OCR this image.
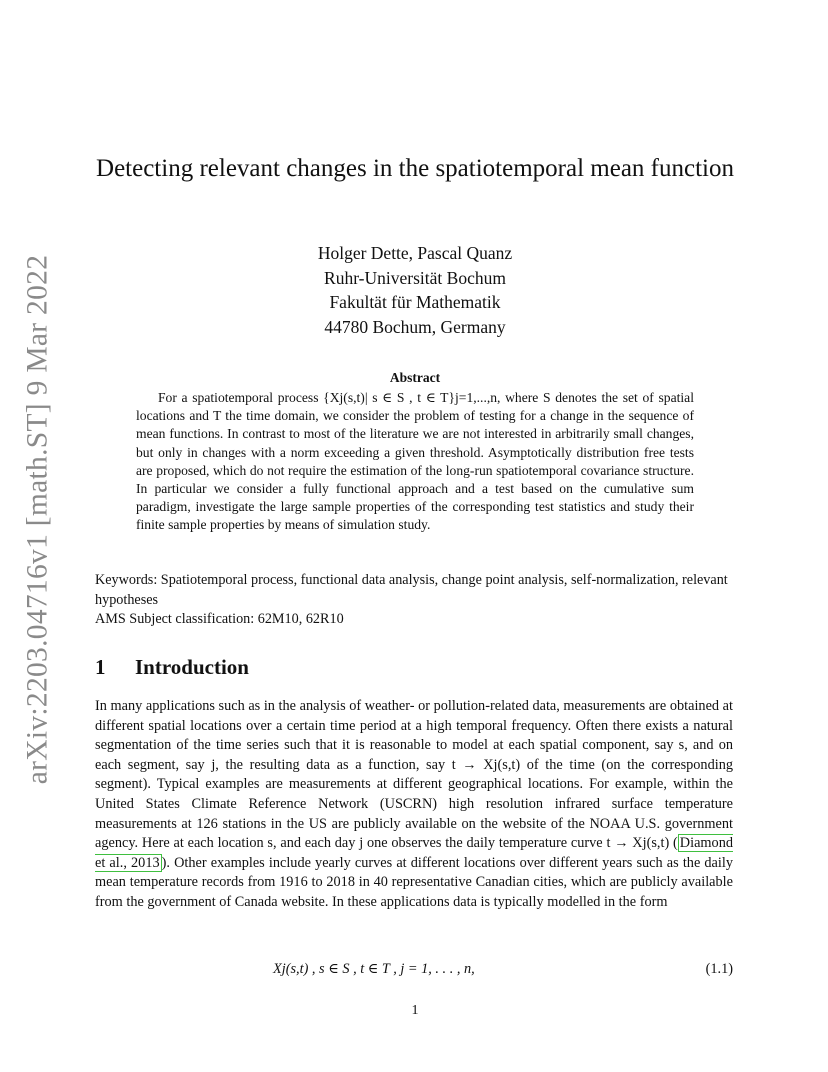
arXiv:2203.04716v1 [math.ST] 9 Mar 2022
Detecting relevant changes in the spatiotemporal mean function
Holger Dette, Pascal Quanz
Ruhr-Universität Bochum
Fakultät für Mathematik
44780 Bochum, Germany
Abstract

For a spatiotemporal process {Xj(s,t)| s ∈ S , t ∈ T}j=1,...,n, where S denotes the set of spatial locations and T the time domain, we consider the problem of testing for a change in the sequence of mean functions. In contrast to most of the literature we are not interested in arbitrarily small changes, but only in changes with a norm exceeding a given threshold. Asymptotically distribution free tests are proposed, which do not require the estimation of the long-run spatiotemporal covariance structure. In particular we consider a fully functional approach and a test based on the cumulative sum paradigm, investigate the large sample properties of the corresponding test statistics and study their finite sample properties by means of simulation study.

Keywords: Spatiotemporal process, functional data analysis, change point analysis, self-normalization, relevant hypotheses
AMS Subject classification: 62M10, 62R10
1 Introduction

In many applications such as in the analysis of weather- or pollution-related data, measurements are obtained at different spatial locations over a certain time period at a high temporal frequency. Often there exists a natural segmentation of the time series such that it is reasonable to model at each spatial component, say s, and on each segment, say j, the resulting data as a function, say t → Xj(s,t) of the time (on the corresponding segment). Typical examples are measurements at different geographical locations. For example, within the United States Climate Reference Network (USCRN) high resolution infrared surface temperature measurements at 126 stations in the US are publicly available on the website of the NOAA U.S. government agency. Here at each location s, and each day j one observes the daily temperature curve t → Xj(s,t) ( Diamond et al., 2013 ). Other examples include yearly curves at different locations over different years such as the daily mean temperature records from 1916 to 2018 in 40 representative Canadian cities, which are publicly available from the government of Canada website. In these applications data is typically modelled in the form

Xj(s,t) , s ∈ S , t ∈ T , j = 1, . . . , n,	(1.1)
1
